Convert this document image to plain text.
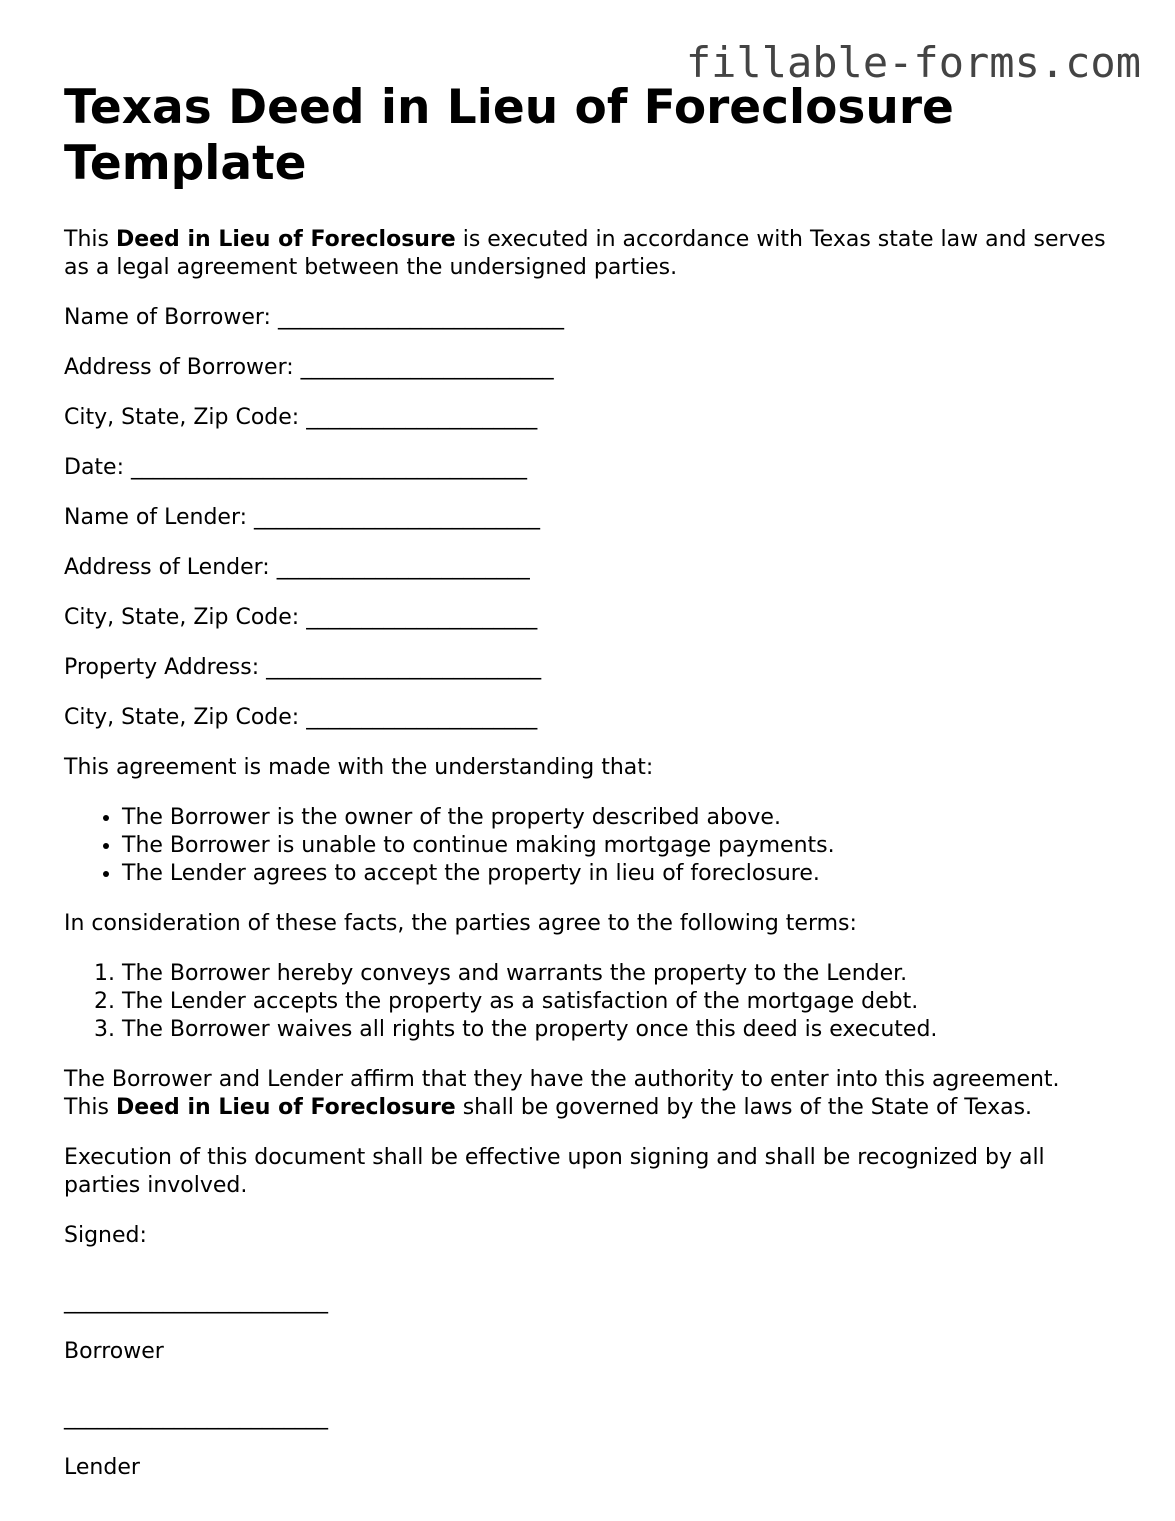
fillable-forms.com
Texas Deed in Lieu of Foreclosure Template

This Deed in Lieu of Foreclosure is executed in accordance with Texas state law and serves as a legal agreement between the undersigned parties.

Name of Borrower: __________________________

Address of Borrower: _______________________

City, State, Zip Code: _____________________

Date: ____________________________________

Name of Lender: __________________________

Address of Lender: _______________________

City, State, Zip Code: _____________________

Property Address: _________________________

City, State, Zip Code: _____________________

This agreement is made with the understanding that:

• The Borrower is the owner of the property described above.
• The Borrower is unable to continue making mortgage payments.
• The Lender agrees to accept the property in lieu of foreclosure.

In consideration of these facts, the parties agree to the following terms:

1. The Borrower hereby conveys and warrants the property to the Lender.
2. The Lender accepts the property as a satisfaction of the mortgage debt.
3. The Borrower waives all rights to the property once this deed is executed.

The Borrower and Lender affirm that they have the authority to enter into this agreement.
This Deed in Lieu of Foreclosure shall be governed by the laws of the State of Texas.

Execution of this document shall be effective upon signing and shall be recognized by all parties involved.

Signed:

________________________

Borrower

________________________

Lender
